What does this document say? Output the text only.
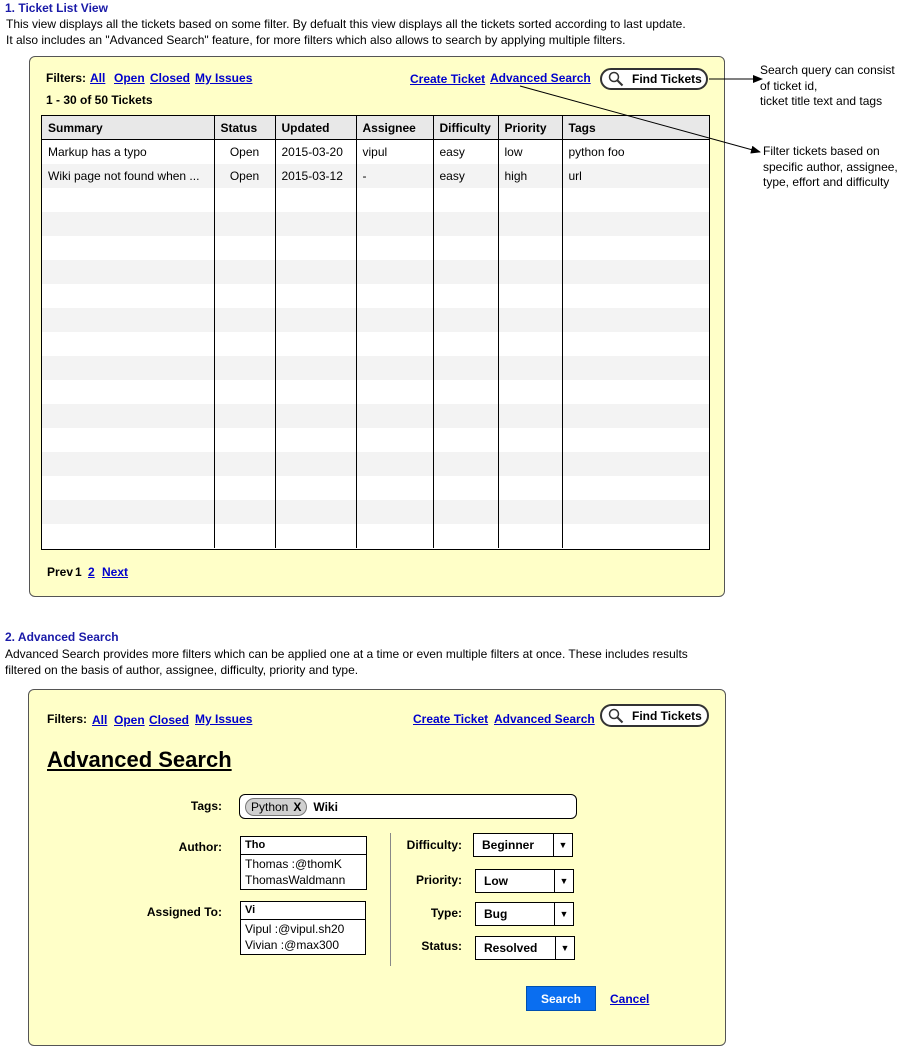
1. Ticket List View
This view displays all the tickets based on some filter. By defualt this view displays all the tickets sorted according to last update.
It also includes an "Advanced Search" feature, for more filters which also allows to search by applying multiple filters.
Filters: All Open Closed My Issues	Create Ticket Advanced Search	Find Tickets
1 - 30 of 50 Tickets
Summary	Status	Updated	Assignee	Difficulty	Priority	Tags
Markup has a typo	Open	2015-03-20	vipul	easy	low	python foo
Wiki page not found when ...	Open	2015-03-12	-	easy	high	url

Prev 1 2 Next
Search query can consist
of ticket id,
ticket title text and tags
Filter tickets based on
specific author, assignee,
type, effort and difficulty
2. Advanced Search
Advanced Search provides more filters which can be applied one at a time or even multiple filters at once. These includes results
filtered on the basis of author, assignee, difficulty, priority and type.
Filters: All Open Closed My Issues	Create Ticket Advanced Search	Find Tickets
Advanced Search
Tags: Python X Wiki
Author:	Tho
Thomas :@thomK
ThomasWaldmann
Assigned To:	Vi
Vipul :@vipul.sh20
Vivian :@max300
Difficulty:	Beginner	▼
Priority:	Low	▼
Type:	Bug	▼
Status:	Resolved	▼
Search	Cancel
